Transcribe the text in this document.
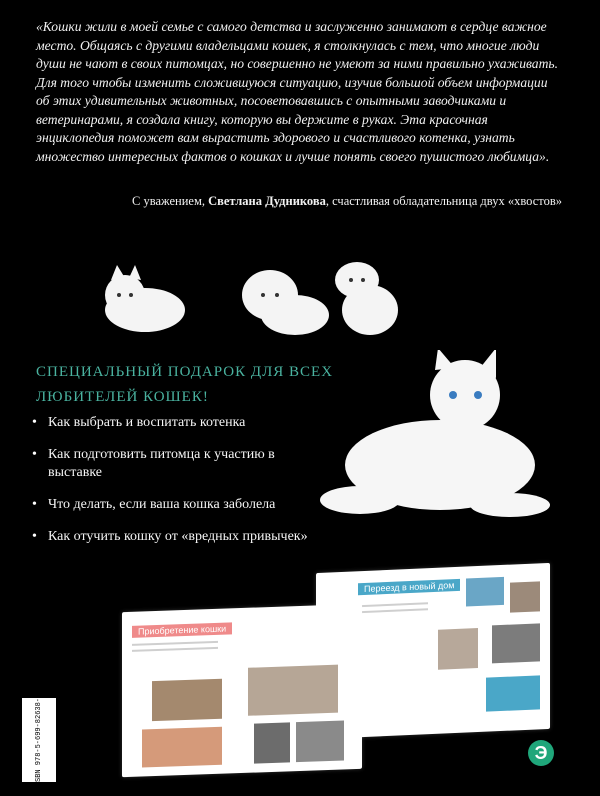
«Кошки жили в моей семье с самого детства и заслуженно занимают в сердце важное место. Общаясь с другими владельцами кошек, я столкнулась с тем, что многие люди души не чают в своих питомцах, но совершенно не умеют за ними правильно ухаживать. Для того чтобы изменить сложившуюся ситуацию, изучив большой объем информации об этих удивительных животных, посоветовавшись с опытными заводчиками и ветеринарами, я создала книгу, которую вы держите в руках. Эта красочная энциклопедия поможет вам вырастить здорового и счастливого котенка, узнать множество интересных фактов о кошках и лучше понять своего пушистого любимца».
С уважением, Светлана Дудникова, счастливая обладательница двух «хвостов»
СПЕЦИАЛЬНЫЙ ПОДАРОК ДЛЯ ВСЕХ
ЛЮБИТЕЛЕЙ КОШЕК!
• Как выбрать и воспитать котенка
• Как подготовить питомца к участию в выставке
• Что делать, если ваша кошка заболела
• Как отучить кошку от «вредных привычек»
Переезд в новый дом
Приобретение кошки
ISBN 978-5-699-82638-4	Э
